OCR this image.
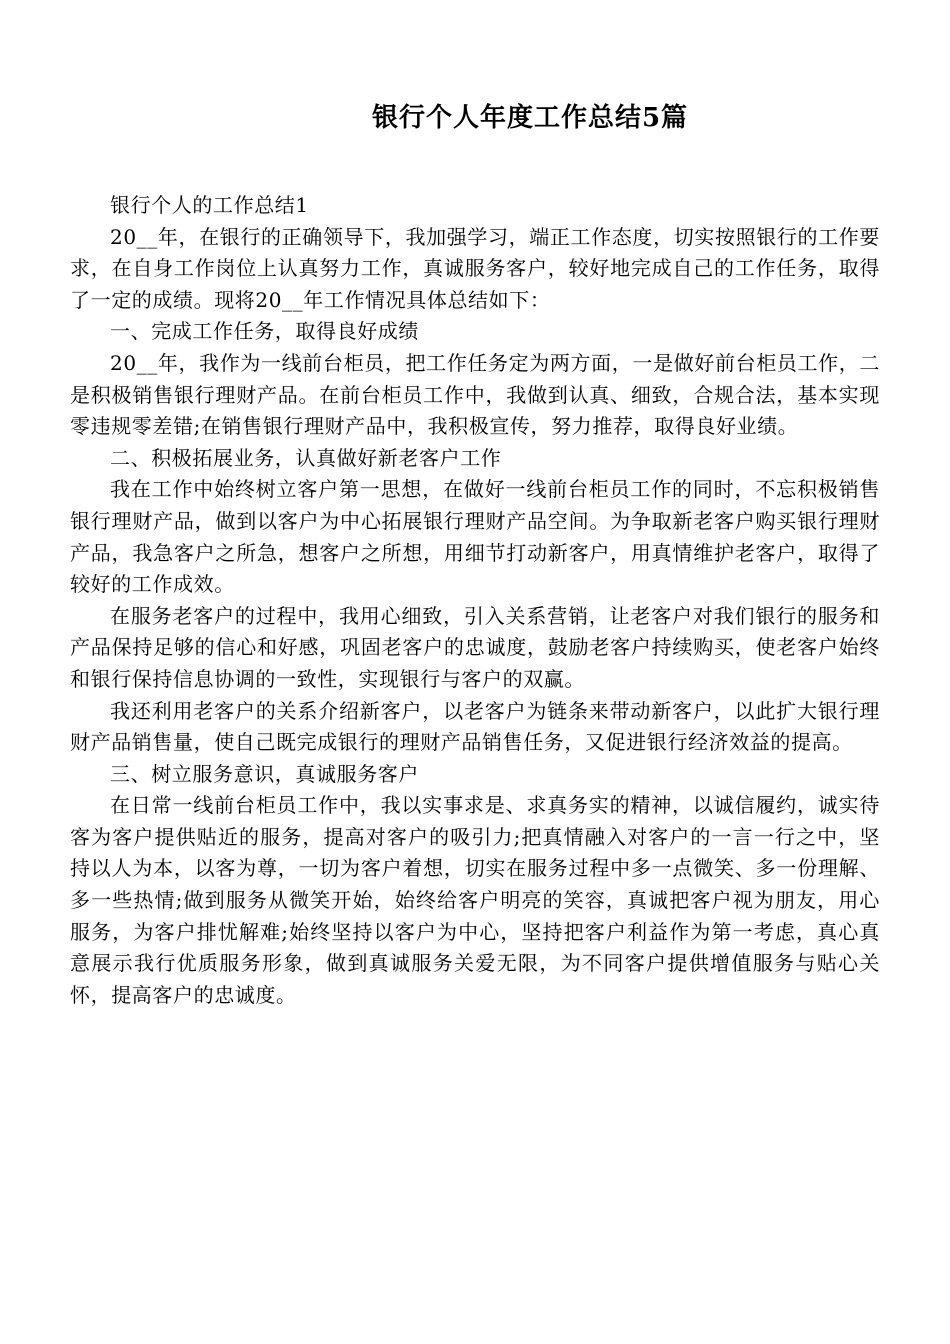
银行个人年度工作总结5篇

银行个人的工作总结1

20__年，在银行的正确领导下，我加强学习，端正工作态度，切实按照银行的工作要求，在自身工作岗位上认真努力工作，真诚服务客户，较好地完成自己的工作任务，取得了一定的成绩。现将20__年工作情况具体总结如下：

一、完成工作任务，取得良好成绩

20__年，我作为一线前台柜员，把工作任务定为两方面，一是做好前台柜员工作，二是积极销售银行理财产品。在前台柜员工作中，我做到认真、细致，合规合法，基本实现零违规零差错;在销售银行理财产品中，我积极宣传，努力推荐，取得良好业绩。

二、积极拓展业务，认真做好新老客户工作

我在工作中始终树立客户第一思想，在做好一线前台柜员工作的同时，不忘积极销售银行理财产品，做到以客户为中心拓展银行理财产品空间。为争取新老客户购买银行理财产品，我急客户之所急，想客户之所想，用细节打动新客户，用真情维护老客户，取得了较好的工作成效。

在服务老客户的过程中，我用心细致，引入关系营销，让老客户对我们银行的服务和产品保持足够的信心和好感，巩固老客户的忠诚度，鼓励老客户持续购买，使老客户始终和银行保持信息协调的一致性，实现银行与客户的双赢。

我还利用老客户的关系介绍新客户，以老客户为链条来带动新客户，以此扩大银行理财产品销售量，使自己既完成银行的理财产品销售任务，又促进银行经济效益的提高。

三、树立服务意识，真诚服务客户

在日常一线前台柜员工作中，我以实事求是、求真务实的精神，以诚信履约，诚实待客为客户提供贴近的服务，提高对客户的吸引力;把真情融入对客户的一言一行之中，坚持以人为本，以客为尊，一切为客户着想，切实在服务过程中多一点微笑、多一份理解、多一些热情;做到服务从微笑开始，始终给客户明亮的笑容，真诚把客户视为朋友，用心服务，为客户排忧解难;始终坚持以客户为中心，坚持把客户利益作为第一考虑，真心真意展示我行优质服务形象，做到真诚服务关爱无限，为不同客户提供增值服务与贴心关怀，提高客户的忠诚度。
